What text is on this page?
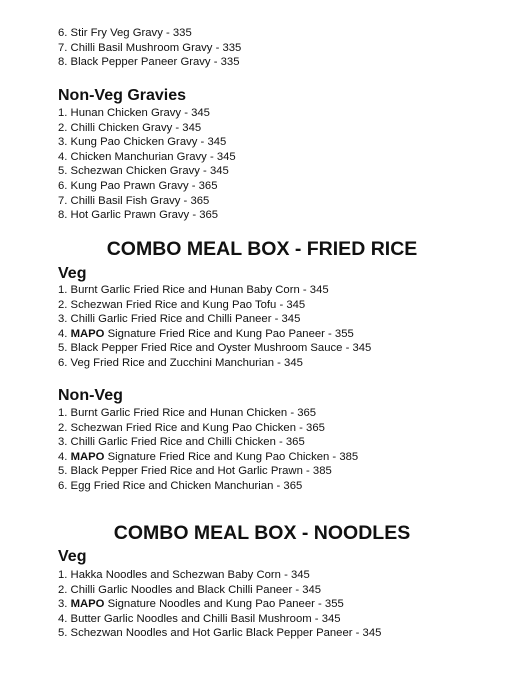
6. Stir Fry Veg Gravy - 335
7. Chilli Basil Mushroom Gravy - 335
8. Black Pepper Paneer Gravy - 335
Non-Veg Gravies
1. Hunan Chicken Gravy - 345
2. Chilli Chicken Gravy - 345
3. Kung Pao Chicken Gravy - 345
4. Chicken Manchurian Gravy - 345
5. Schezwan Chicken Gravy - 345
6. Kung Pao Prawn Gravy - 365
7. Chilli Basil Fish Gravy - 365
8. Hot Garlic Prawn Gravy - 365
COMBO MEAL BOX - FRIED RICE
Veg
1. Burnt Garlic Fried Rice and Hunan Baby Corn - 345
2. Schezwan Fried Rice and Kung Pao Tofu - 345
3. Chilli Garlic Fried Rice and Chilli Paneer - 345
4. MAPO Signature Fried Rice and Kung Pao Paneer - 355
5. Black Pepper Fried Rice and Oyster Mushroom Sauce - 345
6. Veg Fried Rice and Zucchini Manchurian - 345
Non-Veg
1. Burnt Garlic Fried Rice and Hunan Chicken - 365
2. Schezwan Fried Rice and Kung Pao Chicken - 365
3. Chilli Garlic Fried Rice and Chilli Chicken - 365
4. MAPO Signature Fried Rice and Kung Pao Chicken - 385
5. Black Pepper Fried Rice and Hot Garlic Prawn - 385
6. Egg Fried Rice and Chicken Manchurian - 365
COMBO MEAL BOX - NOODLES
Veg
1. Hakka Noodles and Schezwan Baby Corn - 345
2. Chilli Garlic Noodles and Black Chilli Paneer - 345
3. MAPO Signature Noodles and Kung Pao Paneer - 355
4. Butter Garlic Noodles and Chilli Basil Mushroom - 345
5. Schezwan Noodles and Hot Garlic Black Pepper Paneer - 345
